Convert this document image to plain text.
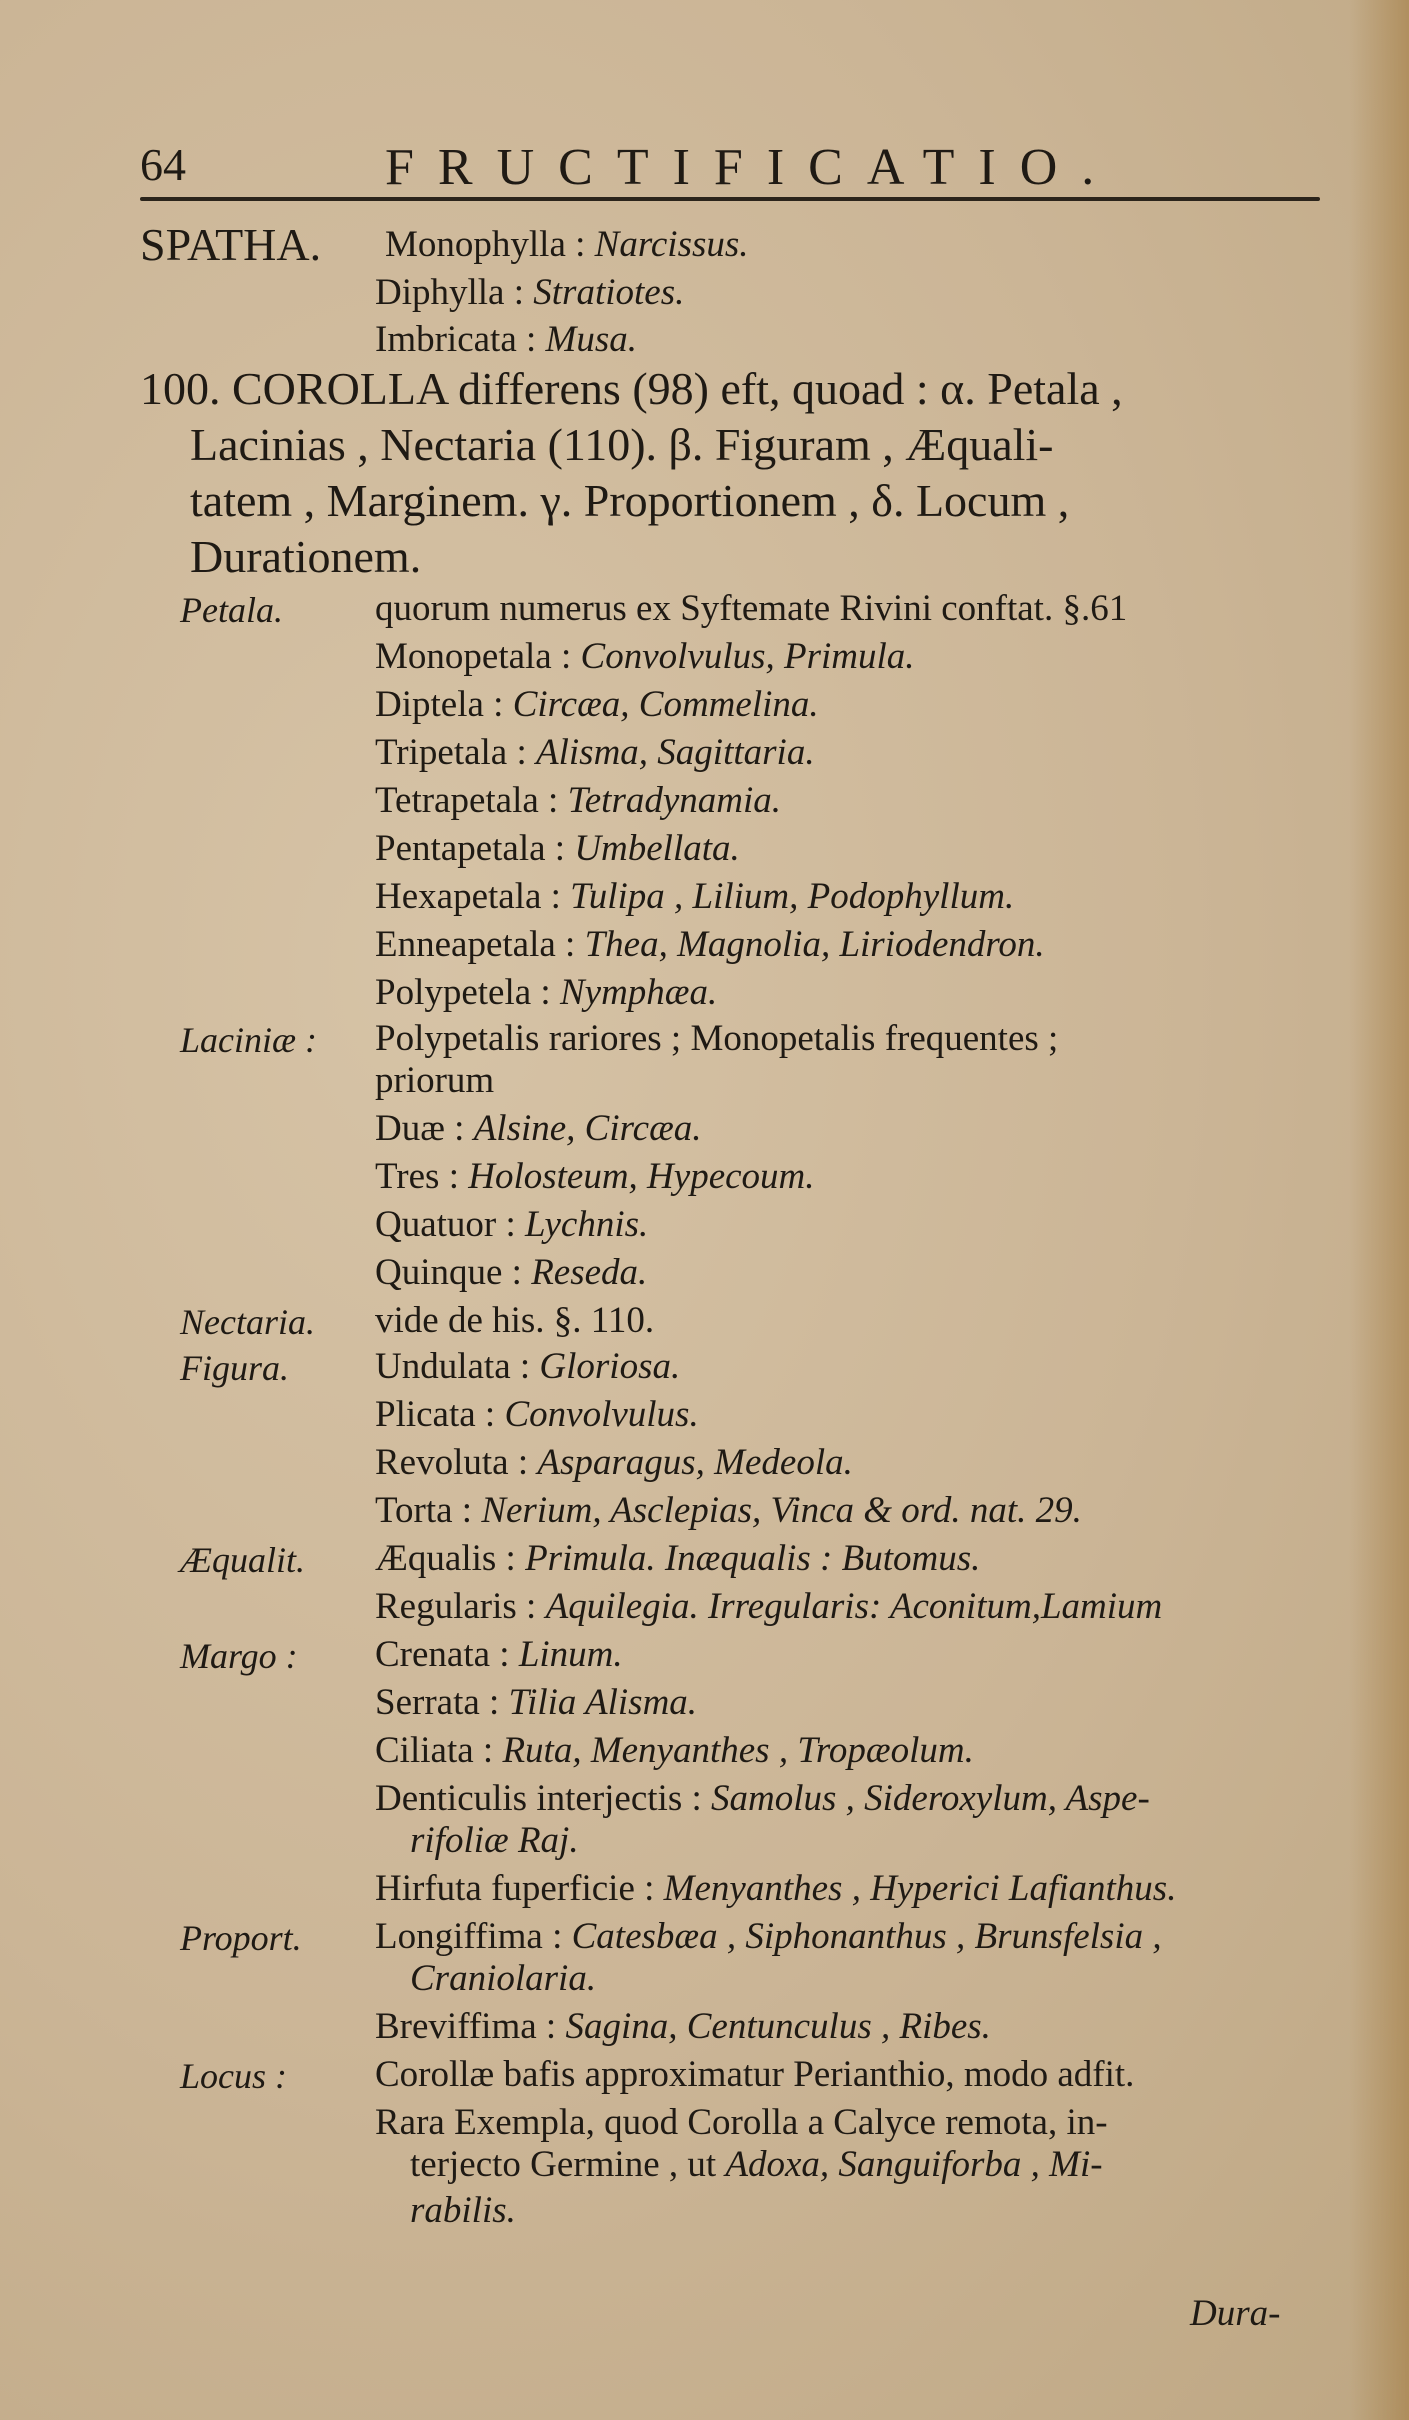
64	FRUCTIFICATIO.
SPATHA. Monophylla : Narcissus.
Diphylla : Stratiotes.
Imbricata : Musa.
100. COROLLA differens (98) eft, quoad : α. Petala ,
Lacinias , Nectaria (110). β. Figuram , Æquali-
tatem , Marginem. γ. Proportionem , δ. Locum ,
Durationem.
Petala. quorum numerus ex Syftemate Rivini conftat. §.61
Monopetala : Convolvulus, Primula.
Diptela : Circæa, Commelina.
Tripetala : Alisma, Sagittaria.
Tetrapetala : Tetradynamia.
Pentapetala : Umbellata.
Hexapetala : Tulipa , Lilium, Podophyllum.
Enneapetala : Thea, Magnolia, Liriodendron.
Polypetela : Nymphæa.
Laciniæ : Polypetalis rariores ; Monopetalis frequentes ;
priorum
Duæ : Alsine, Circæa.
Tres : Holosteum, Hypecoum.
Quatuor : Lychnis.
Quinque : Reseda.
Nectaria. vide de his. §. 110.
Figura. Undulata : Gloriosa.
Plicata : Convolvulus.
Revoluta : Asparagus, Medeola.
Torta : Nerium, Asclepias, Vinca & ord. nat. 29.
Æqualit. Æqualis : Primula. Inæqualis : Butomus.
Regularis : Aquilegia. Irregularis: Aconitum,Lamium
Margo : Crenata : Linum.
Serrata : Tilia Alisma.
Ciliata : Ruta, Menyanthes , Tropæolum.
Denticulis interjectis : Samolus , Sideroxylum, Aspe-
rifoliæ Raj.
Hirfuta fuperficie : Menyanthes , Hyperici Lafianthus.
Proport. Longiffima : Catesbæa , Siphonanthus , Brunsfelsia ,
Craniolaria.
Breviffima : Sagina, Centunculus , Ribes.
Locus : Corollæ bafis approximatur Perianthio, modo adfit.
Rara Exempla, quod Corolla a Calyce remota, in-
terjecto Germine , ut Adoxa, Sanguiforba , Mi-
rabilis.
Dura-
